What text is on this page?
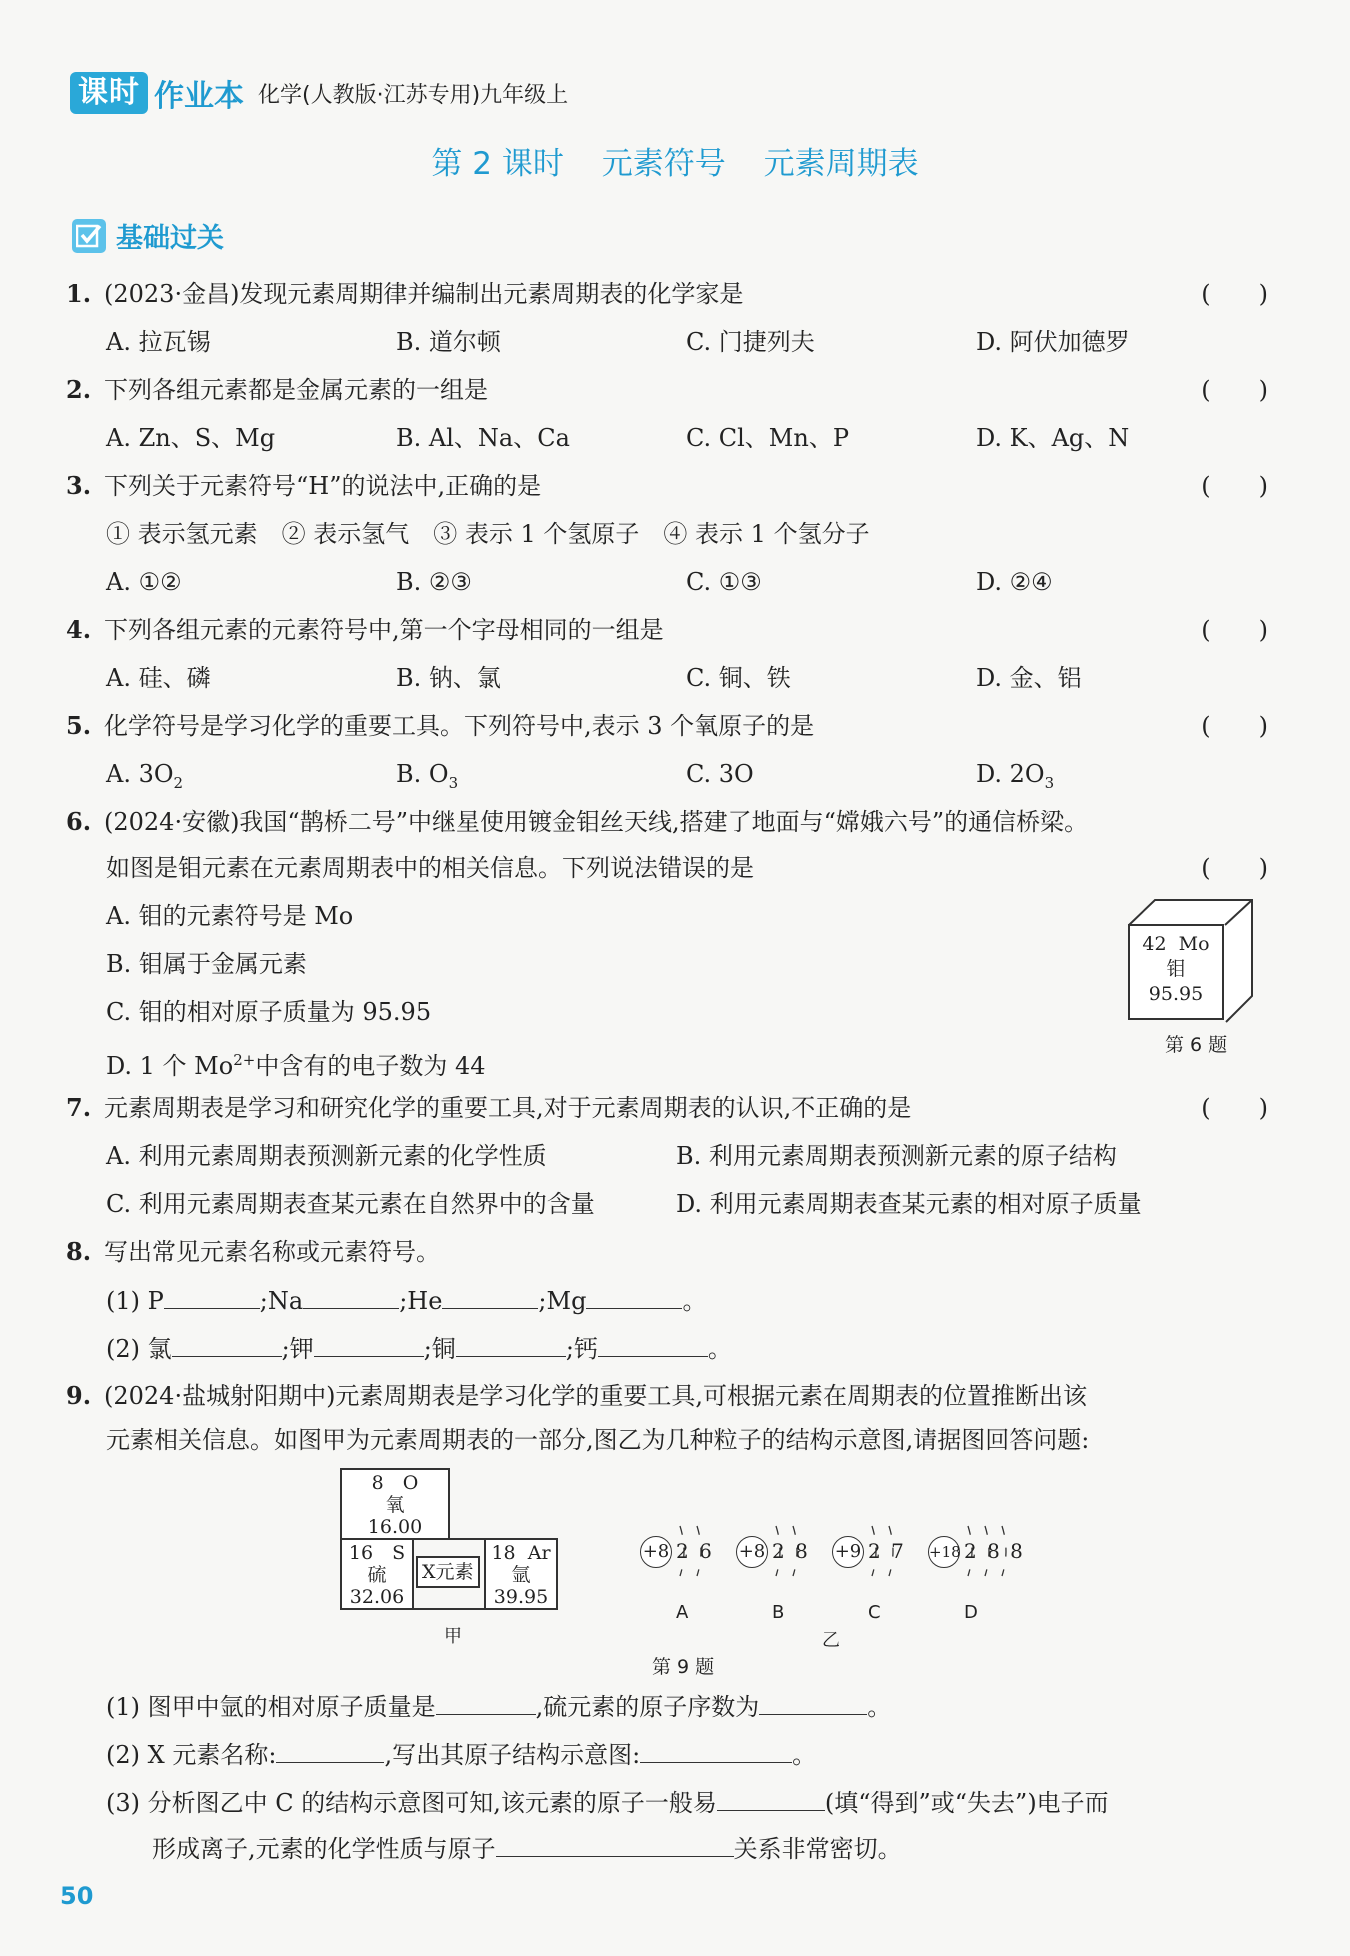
课时 作业本 化学(人教版·江苏专用)九年级上
第 2 课时 元素符号 元素周期表
基础过关
1. (2023·金昌)发现元素周期律并编制出元素周期表的化学家是	(　　)
A. 拉瓦锡	B. 道尔顿	C. 门捷列夫	D. 阿伏加德罗
2. 下列各组元素都是金属元素的一组是	(　　)
A. Zn、S、Mg	B. Al、Na、Ca	C. Cl、Mn、P	D. K、Ag、N
3. 下列关于元素符号“H”的说法中,正确的是	(　　)
① 表示氢元素　② 表示氢气　③ 表示 1 个氢原子　④ 表示 1 个氢分子
A. ①②	B. ②③	C. ①③	D. ②④
4. 下列各组元素的元素符号中,第一个字母相同的一组是	(　　)
A. 硅、磷	B. 钠、氯	C. 铜、铁	D. 金、铝
5. 化学符号是学习化学的重要工具。下列符号中,表示 3 个氧原子的是	(　　)
A. $3O_2$	B. $O_3$	C. 3O	D. $2O_3$
6. (2024·安徽)我国“鹊桥二号”中继星使用镀金钼丝天线,搭建了地面与“嫦娥六号”的通信桥梁。
如图是钼元素在元素周期表中的相关信息。下列说法错误的是	(　　)
A. 钼的元素符号是 Mo
B. 钼属于金属元素
C. 钼的相对原子质量为 95.95
D. 1 个 $Mo^{2+}$中含有的电子数为 44
42  Mo
钼
95.95
第 6 题
7. 元素周期表是学习和研究化学的重要工具,对于元素周期表的认识,不正确的是	(　　)
A. 利用元素周期表预测新元素的化学性质	B. 利用元素周期表预测新元素的原子结构
C. 利用元素周期表查某元素在自然界中的含量	D. 利用元素周期表查某元素的相对原子质量
8. 写出常见元素名称或元素符号。
(1) P	;Na	;He	;Mg	。
(2) 氯	;钾	;铜	;钙	。
9. (2024·盐城射阳期中)元素周期表是学习化学的重要工具,可根据元素在周期表的位置推断出该
元素相关信息。如图甲为元素周期表的一部分,图乙为几种粒子的结构示意图,请据图回答问题:
8　O
氧
16.00
16　S
硫
32.06
X元素
18  Ar
氩
39.95
甲
+8 2 6
A
+8 2 8
B
+9 2 7
C
+18 2 8 8
D
乙
第 9 题
(1) 图甲中氩的相对原子质量是	,硫元素的原子序数为	。
(2) X 元素名称:	,写出其原子结构示意图:	。
(3) 分析图乙中 C 的结构示意图可知,该元素的原子一般易	(填“得到”或“失去”)电子而
形成离子,元素的化学性质与原子	关系非常密切。
50
